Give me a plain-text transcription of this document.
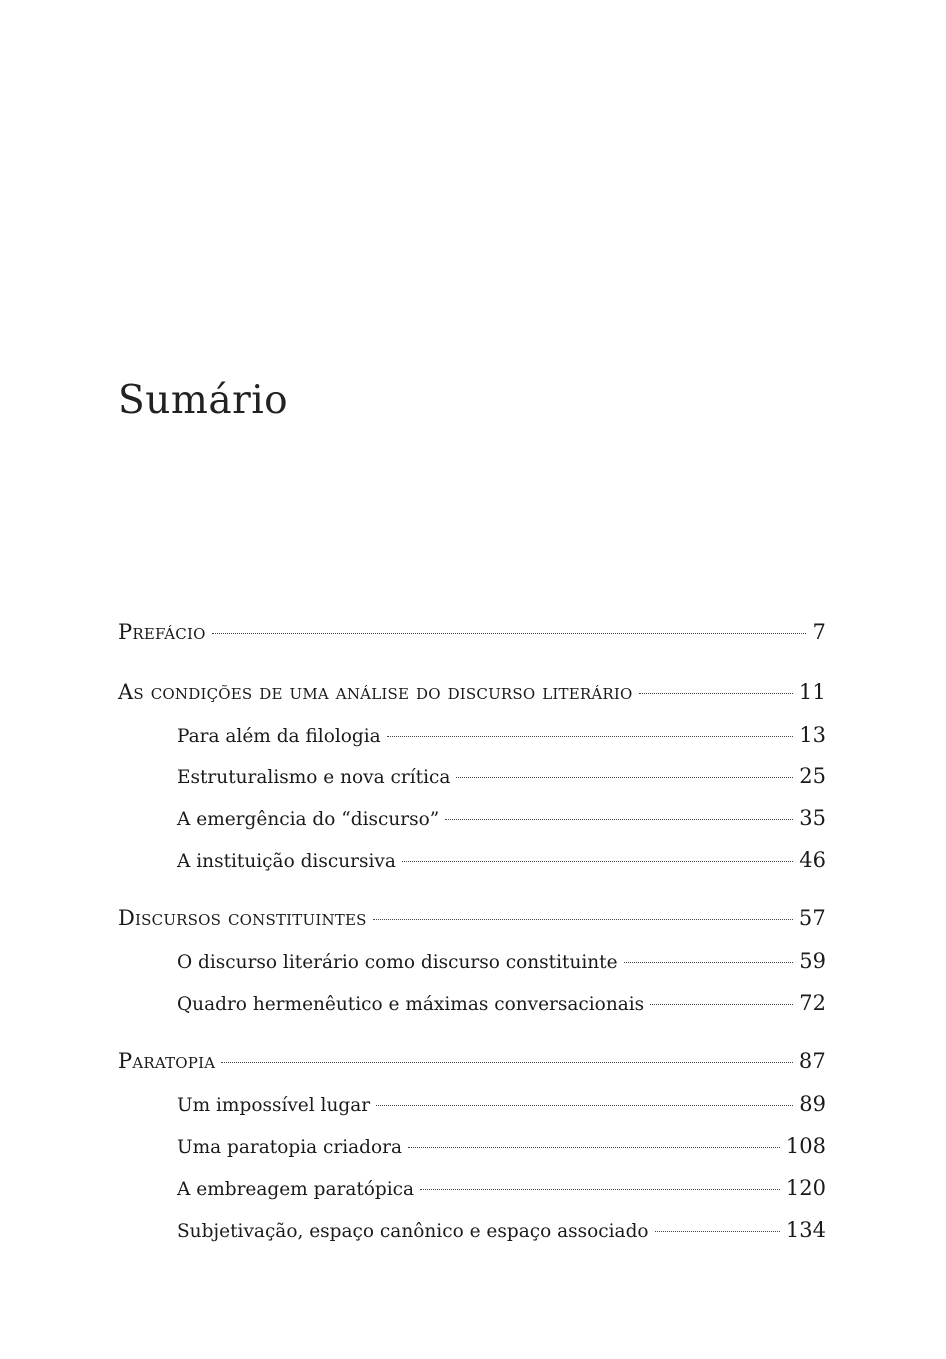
Sumário
Prefácio	7
As condições de uma análise do discurso literário	11
Para além da filologia	13
Estruturalismo e nova crítica	25
A emergência do “discurso”	35
A instituição discursiva	46
Discursos constituintes	57
O discurso literário como discurso constituinte	59
Quadro hermenêutico e máximas conversacionais	72
Paratopia	87
Um impossível lugar	89
Uma paratopia criadora	108
A embreagem paratópica	120
Subjetivação, espaço canônico e espaço associado	134
